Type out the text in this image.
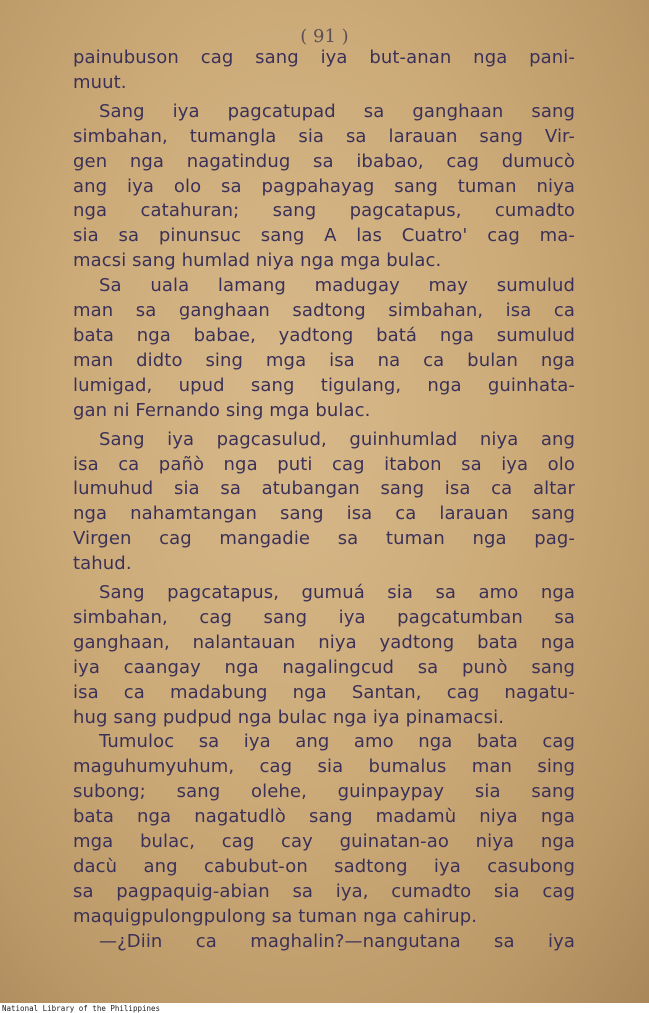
( 91 )
painubuson cag sang iya but-anan nga pani-
muut.
Sang iya pagcatupad sa ganghaan sang
simbahan, tumangla sia sa larauan sang Vir-
gen nga nagatindug sa ibabao, cag dumucò
ang iya olo sa pagpahayag sang tuman niya
nga catahuran; sang pagcatapus, cumadto
sia sa pinunsuc sang A las Cuatro' cag ma-
macsi sang humlad niya nga mga bulac.
Sa uala lamang madugay may sumulud
man sa ganghaan sadtong simbahan, isa ca
bata nga babae, yadtong batá nga sumulud
man didto sing mga isa na ca bulan nga
lumigad, upud sang tigulang, nga guinhata-
gan ni Fernando sing mga bulac.
Sang iya pagcasulud, guinhumlad niya ang
isa ca pañò nga puti cag itabon sa iya olo
lumuhud sia sa atubangan sang isa ca altar
nga nahamtangan sang isa ca larauan sang
Virgen cag mangadie sa tuman nga pag-
tahud.
Sang pagcatapus, gumuá sia sa amo nga
simbahan, cag sang iya pagcatumban sa
ganghaan, nalantauan niya yadtong bata nga
iya caangay nga nagalingcud sa punò sang
isa ca madabung nga Santan, cag nagatu-
hug sang pudpud nga bulac nga iya pinamacsi.
Tumuloc sa iya ang amo nga bata cag
maguhumyuhum, cag sia bumalus man sing
subong; sang olehe, guinpaypay sia sang
bata nga nagatudlò sang madamù niya nga
mga bulac, cag cay guinatan-ao niya nga
dacù ang cabubut-on sadtong iya casubong
sa pagpaquig-abian sa iya, cumadto sia cag
maquigpulongpulong sa tuman nga cahirup.
—¿Diin ca maghalin?—nangutana sa iya
National Library of the Philippines
